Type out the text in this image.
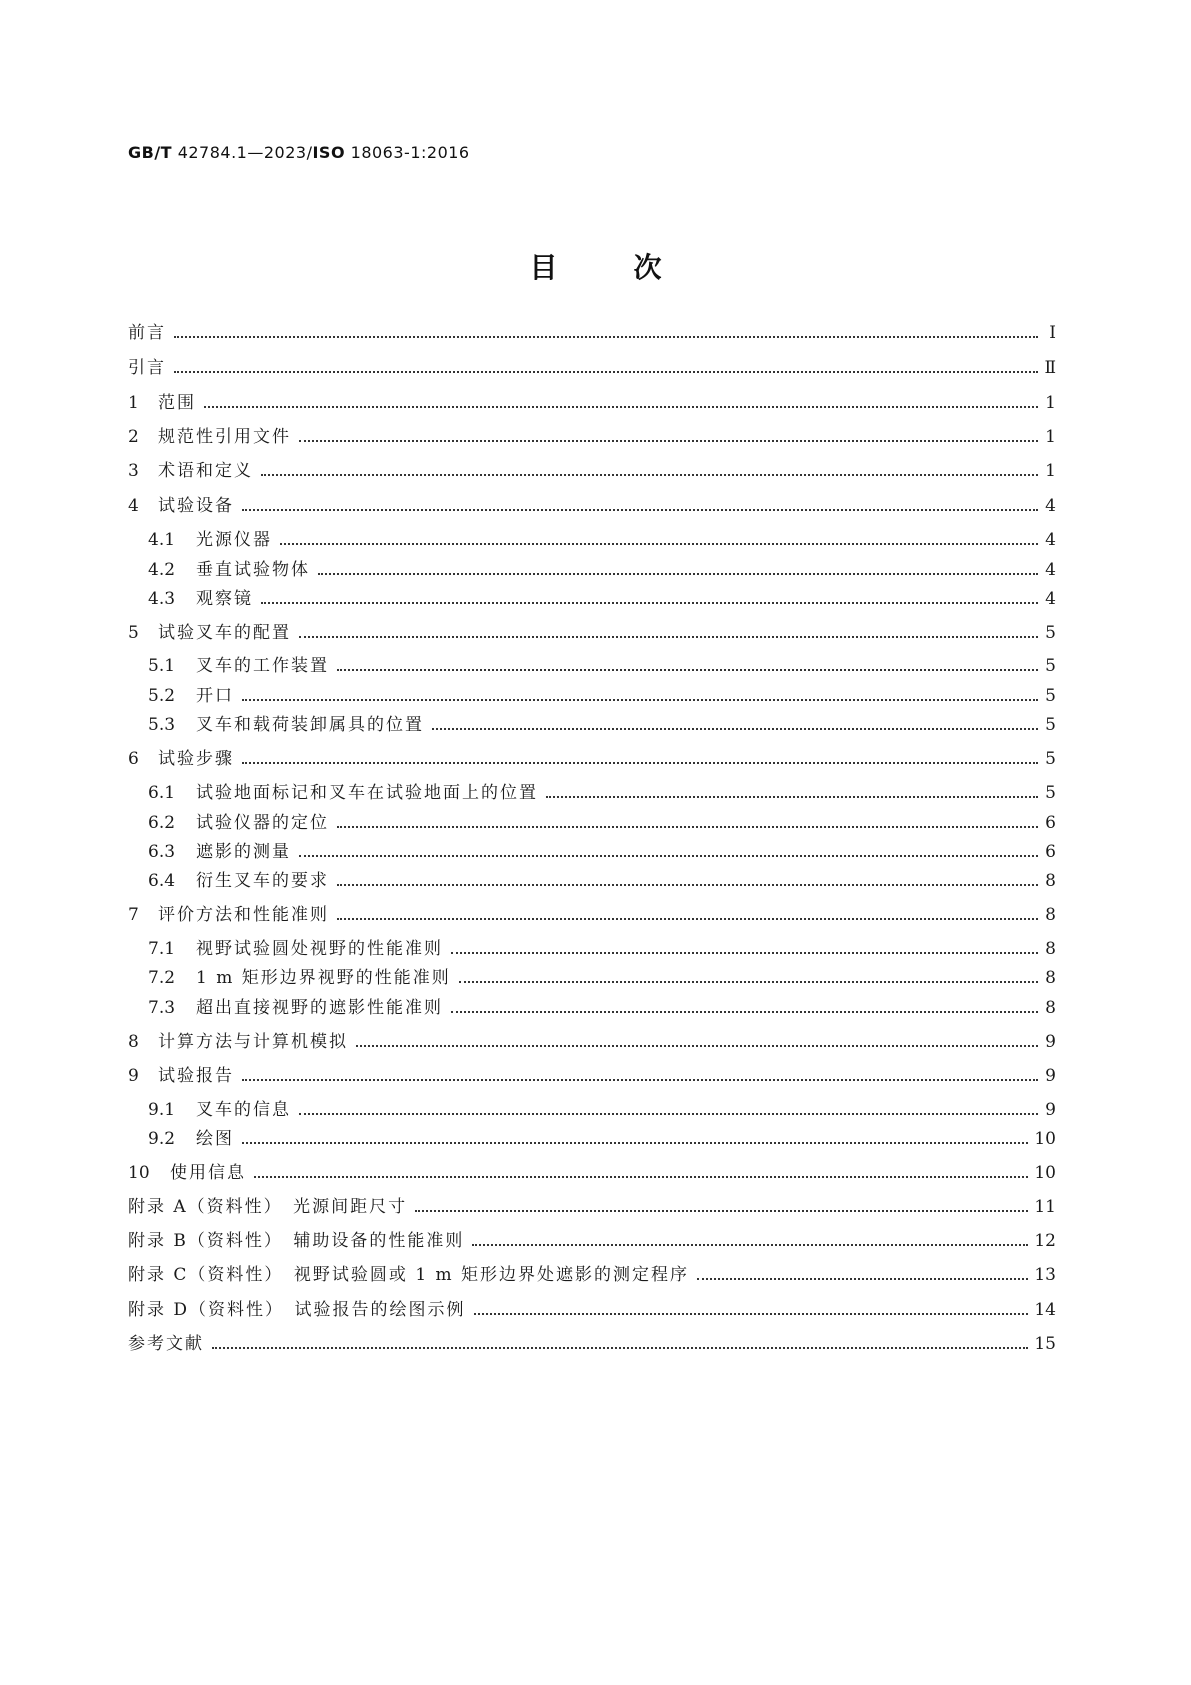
GB/T 42784.1—2023/ISO 18063-1:2016
目次
前言	Ⅰ
引言	Ⅱ
1	范围	1
2	规范性引用文件	1
3	术语和定义	1
4	试验设备	4
4.1	光源仪器	4
4.2	垂直试验物体	4
4.3	观察镜	4
5	试验叉车的配置	5
5.1	叉车的工作装置	5
5.2	开口	5
5.3	叉车和载荷装卸属具的位置	5
6	试验步骤	5
6.1	试验地面标记和叉车在试验地面上的位置	5
6.2	试验仪器的定位	6
6.3	遮影的测量	6
6.4	衍生叉车的要求	8
7	评价方法和性能准则	8
7.1	视野试验圆处视野的性能准则	8
7.2	1 m 矩形边界视野的性能准则	8
7.3	超出直接视野的遮影性能准则	8
8	计算方法与计算机模拟	9
9	试验报告	9
9.1	叉车的信息	9
9.2	绘图	10
10	使用信息	10
附录 A（资料性）　光源间距尺寸	11
附录 B（资料性）　辅助设备的性能准则	12
附录 C（资料性）　视野试验圆或 1 m 矩形边界处遮影的测定程序	13
附录 D（资料性）　试验报告的绘图示例	14
参考文献	15
